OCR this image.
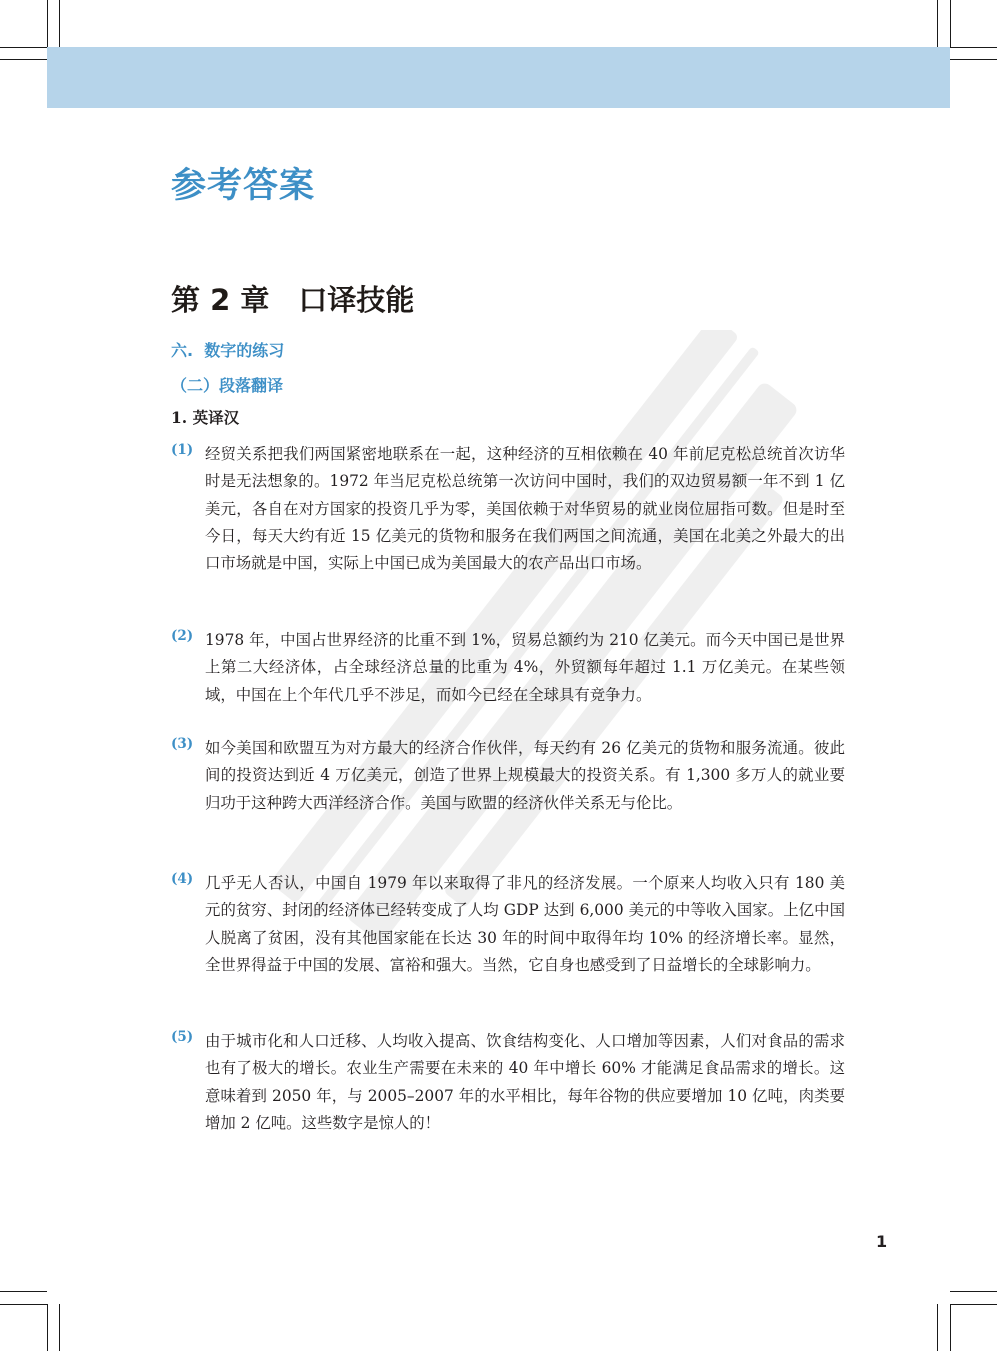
参考答案
第 2 章　口译技能
六.  数字的练习
（二）段落翻译
1. 英译汉
(1) 经贸关系把我们两国紧密地联系在一起，这种经济的互相依赖在 40 年前尼克松总统首次访华时是无法想象的。1972 年当尼克松总统第一次访问中国时，我们的双边贸易额一年不到 1 亿美元，各自在对方国家的投资几乎为零，美国依赖于对华贸易的就业岗位屈指可数。但是时至今日，每天大约有近 15 亿美元的货物和服务在我们两国之间流通，美国在北美之外最大的出口市场就是中国，实际上中国已成为美国最大的农产品出口市场。

(2) 1978 年，中国占世界经济的比重不到 1%，贸易总额约为 210 亿美元。而今天中国已是世界上第二大经济体，占全球经济总量的比重为 4%，外贸额每年超过 1.1 万亿美元。在某些领域，中国在上个年代几乎不涉足，而如今已经在全球具有竞争力。

(3) 如今美国和欧盟互为对方最大的经济合作伙伴，每天约有 26 亿美元的货物和服务流通。彼此间的投资达到近 4 万亿美元，创造了世界上规模最大的投资关系。有 1,300 多万人的就业要归功于这种跨大西洋经济合作。美国与欧盟的经济伙伴关系无与伦比。

(4) 几乎无人否认，中国自 1979 年以来取得了非凡的经济发展。一个原来人均收入只有 180 美元的贫穷、封闭的经济体已经转变成了人均 GDP 达到 6,000 美元的中等收入国家。上亿中国人脱离了贫困，没有其他国家能在长达 30 年的时间中取得年均 10% 的经济增长率。显然，全世界得益于中国的发展、富裕和强大。当然，它自身也感受到了日益增长的全球影响力。

(5) 由于城市化和人口迁移、人均收入提高、饮食结构变化、人口增加等因素，人们对食品的需求也有了极大的增长。农业生产需要在未来的 40 年中增长 60% 才能满足食品需求的增长。这意味着到 2050 年，与 2005–2007 年的水平相比，每年谷物的供应要增加 10 亿吨，肉类要增加 2 亿吨。这些数字是惊人的！

1
